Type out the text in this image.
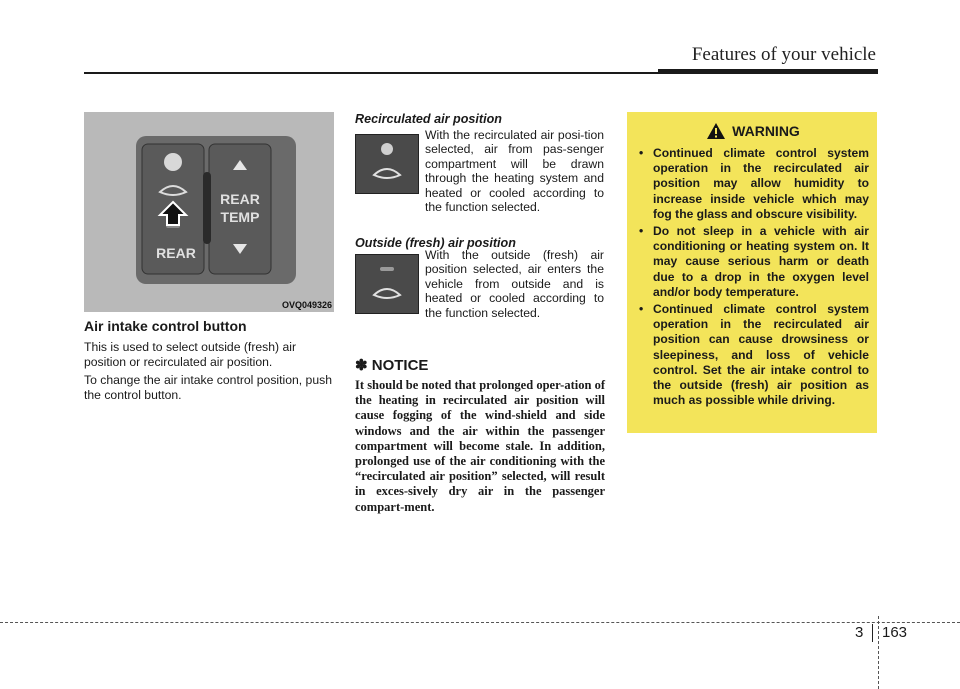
Features of your vehicle
REAR
REAR
TEMP
OVQ049326
Air intake control button

This is used to select outside (fresh) air position or recirculated air position.

To change the air intake control position, push the control button.

Recirculated air position
With the recirculated air posi-tion selected, air from pas-senger compartment will be drawn through the heating system and heated or cooled according to the function selected.
Outside (fresh) air position
With the outside (fresh) air position selected, air enters the vehicle from outside and is heated or cooled according to the function selected.
✽ NOTICE

It should be noted that prolonged oper-ation of the heating in recirculated air position will cause fogging of the wind-shield and side windows and the air within the passenger compartment will become stale. In addition, prolonged use of the air conditioning with the “recirculated air position” selected, will result in exces-sively dry air in the passenger compart-ment.

WARNING
• Continued climate control system operation in the recirculated air position may allow humidity to increase inside vehicle which may fog the glass and obscure visibility.
• Do not sleep in a vehicle with air conditioning or heating system on. It may cause serious harm or death due to a drop in the oxygen level and/or body temperature.
• Continued climate control system operation in the recirculated air position can cause drowsiness or sleepiness, and loss of vehicle control. Set the air intake control to the outside (fresh) air position as much as possible while driving.
3 163
